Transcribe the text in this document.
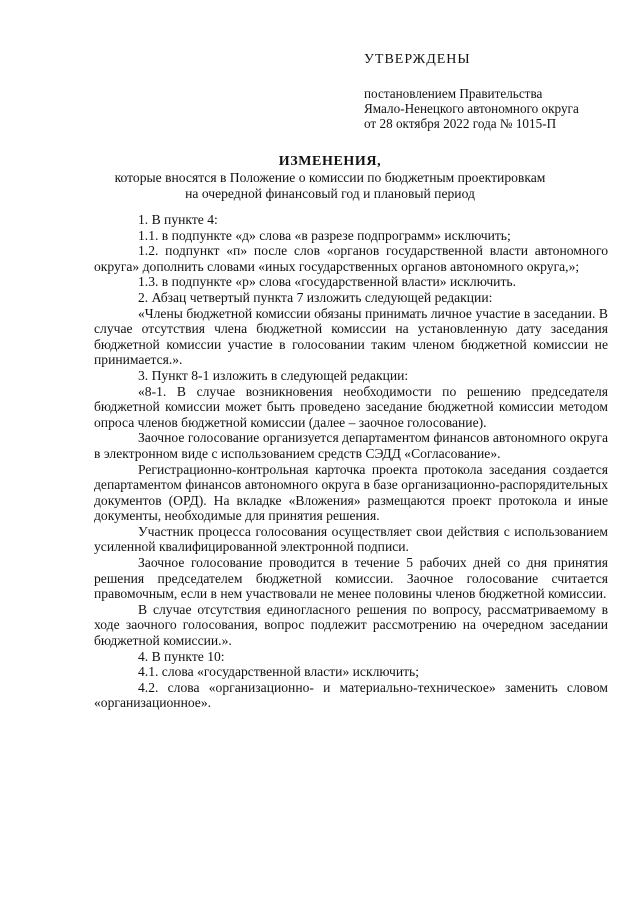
УТВЕРЖДЕНЫ
постановлением Правительства
Ямало-Ненецкого автономного округа
от 28 октября 2022 года № 1015-П
ИЗМЕНЕНИЯ,
которые вносятся в Положение о комиссии по бюджетным проектировкам
на очередной финансовый год и плановый период

1. В пункте 4:

1.1. в подпункте «д» слова «в разрезе подпрограмм» исключить;

1.2. подпункт «п» после слов «органов государственной власти автономного округа» дополнить словами «иных государственных органов автономного округа,»;

1.3. в подпункте «р» слова «государственной власти» исключить.

2. Абзац четвертый пункта 7 изложить следующей редакции:

«Члены бюджетной комиссии обязаны принимать личное участие в заседании. В случае отсутствия члена бюджетной комиссии на установленную дату заседания бюджетной комиссии участие в голосовании таким членом бюджетной комиссии не принимается.».

3. Пункт 8-1 изложить в следующей редакции:

«8-1. В случае возникновения необходимости по решению председателя бюджетной комиссии может быть проведено заседание бюджетной комиссии методом опроса членов бюджетной комиссии (далее – заочное голосование).

Заочное голосование организуется департаментом финансов автономного округа в электронном виде с использованием средств СЭДД «Согласование».

Регистрационно-контрольная карточка проекта протокола заседания создается департаментом финансов автономного округа в базе организационно-распорядительных документов (ОРД). На вкладке «Вложения» размещаются проект протокола и иные документы, необходимые для принятия решения.

Участник процесса голосования осуществляет свои действия с использованием усиленной квалифицированной электронной подписи.

Заочное голосование проводится в течение 5 рабочих дней со дня принятия решения председателем бюджетной комиссии. Заочное голосование считается правомочным, если в нем участвовали не менее половины членов бюджетной комиссии.

В случае отсутствия единогласного решения по вопросу, рассматриваемому в ходе заочного голосования, вопрос подлежит рассмотрению на очередном заседании бюджетной комиссии.».

4. В пункте 10:

4.1. слова «государственной власти» исключить;

4.2. слова «организационно- и материально-техническое» заменить словом «организационное».
